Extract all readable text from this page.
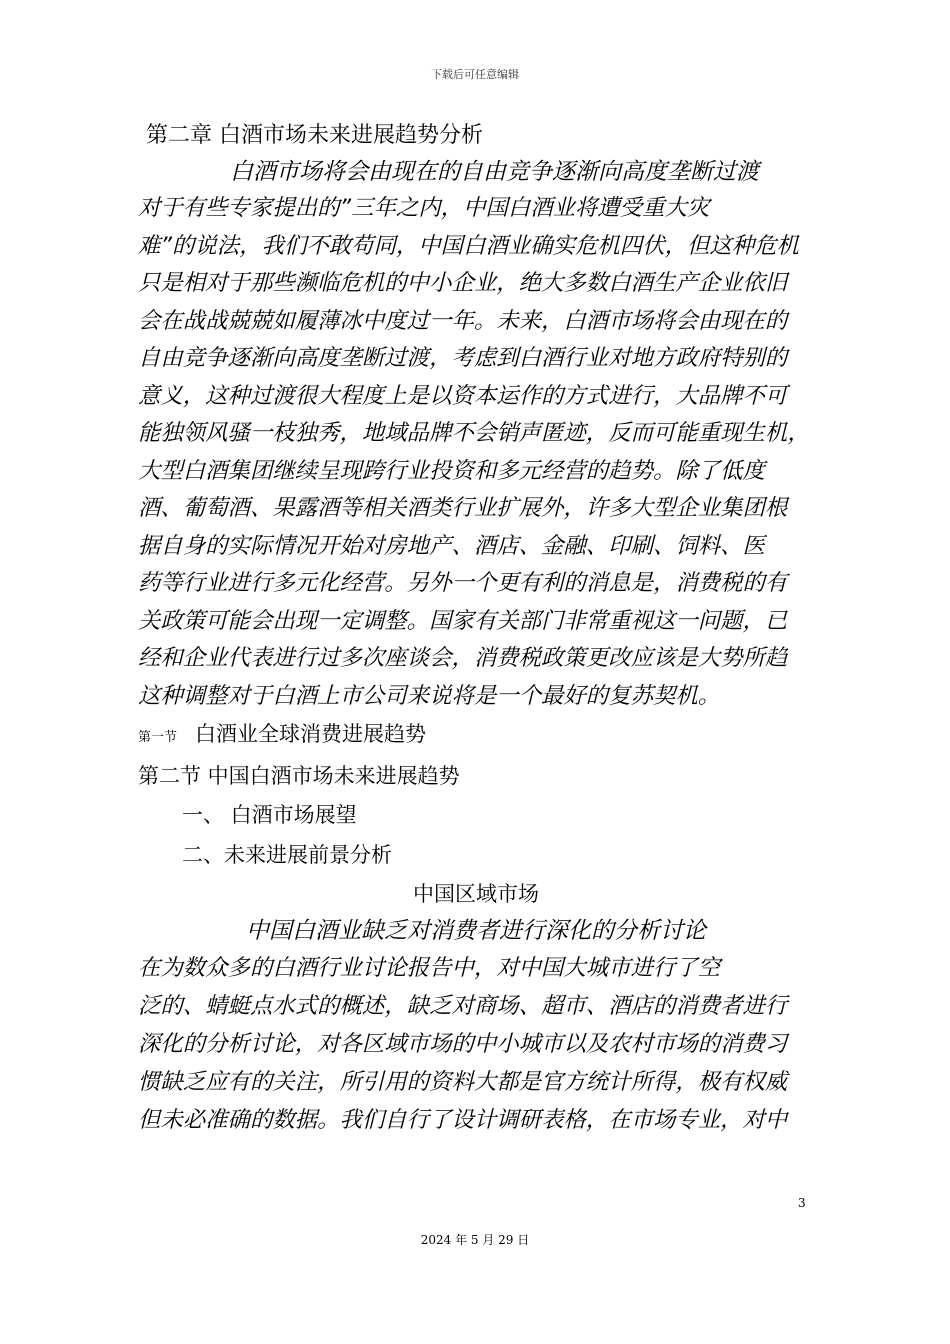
下载后可任意编辑
第二章 白酒市场未来进展趋势分析
白酒市场将会由现在的自由竞争逐渐向高度垄断过渡
对于有些专家提出的”三年之内，中国白酒业将遭受重大灾
难”的说法，我们不敢苟同，中国白酒业确实危机四伏，但这种危机
只是相对于那些濒临危机的中小企业，绝大多数白酒生产企业依旧
会在战战兢兢如履薄冰中度过一年。未来，白酒市场将会由现在的
自由竞争逐渐向高度垄断过渡，考虑到白酒行业对地方政府特别的
意义，这种过渡很大程度上是以资本运作的方式进行，大品牌不可
能独领风骚一枝独秀，地域品牌不会销声匿迹，反而可能重现生机，
大型白酒集团继续呈现跨行业投资和多元经营的趋势。除了低度
酒、葡萄酒、果露酒等相关酒类行业扩展外，许多大型企业集团根
据自身的实际情况开始对房地产、酒店、金融、印刷、饲料、医
药等行业进行多元化经营。另外一个更有利的消息是，消费税的有
关政策可能会出现一定调整。国家有关部门非常重视这一问题，已
经和企业代表进行过多次座谈会，消费税政策更改应该是大势所趋
这种调整对于白酒上市公司来说将是一个最好的复苏契机。
第一节 白酒业全球消费进展趋势
第二节 中国白酒市场未来进展趋势
一、 白酒市场展望
二、未来进展前景分析
中国区域市场
中国白酒业缺乏对消费者进行深化的分析讨论
在为数众多的白酒行业讨论报告中，对中国大城市进行了空
泛的、蜻蜓点水式的概述，缺乏对商场、超市、酒店的消费者进行
深化的分析讨论，对各区域市场的中小城市以及农村市场的消费习
惯缺乏应有的关注，所引用的资料大都是官方统计所得，极有权威
但未必准确的数据。我们自行了设计调研表格，在市场专业，对中
3
2024 年 5 月 29 日
